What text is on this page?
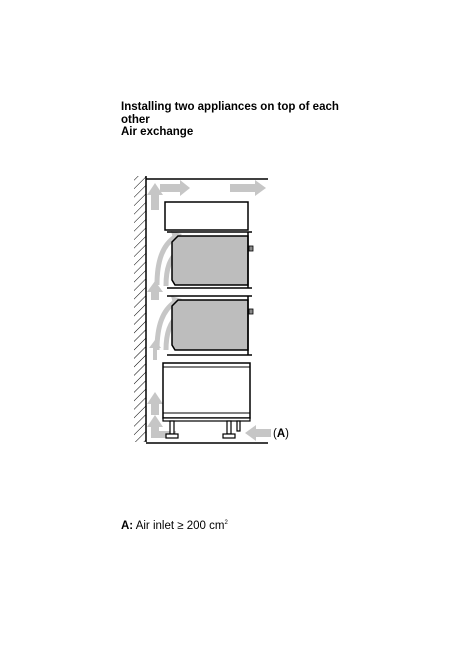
Installing two appliances on top of each
other
Air exchange
(A)
A: Air inlet ≥ 200 $cm^2$
